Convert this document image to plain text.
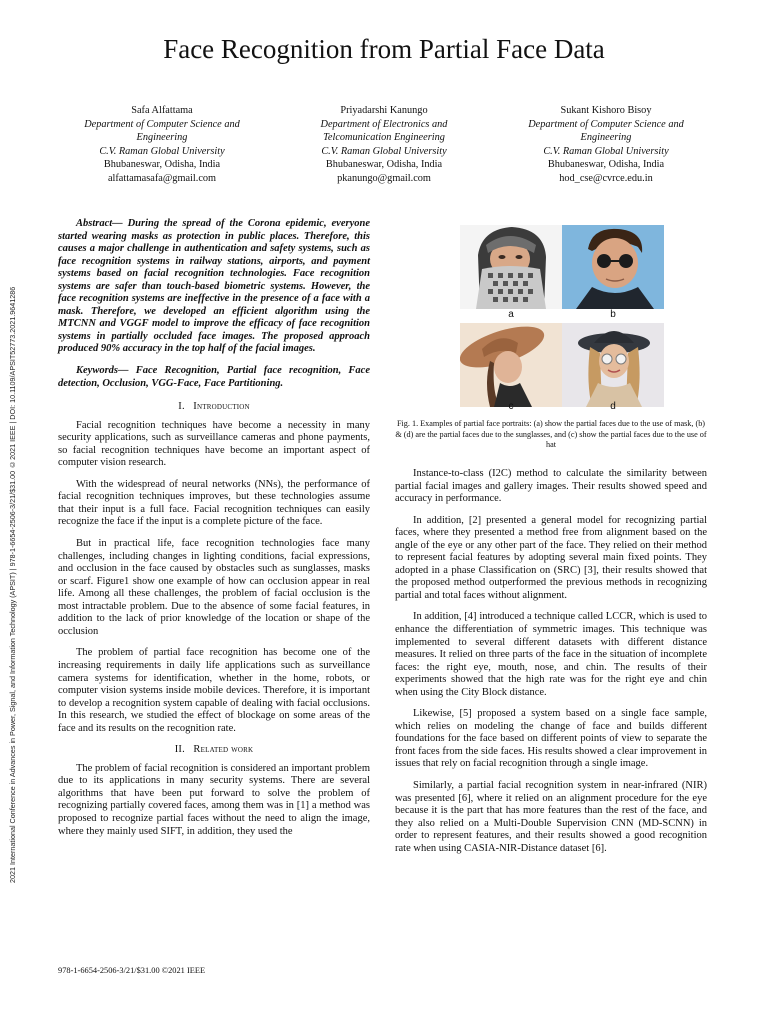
Face Recognition from Partial Face Data
2021 International Conference in Advances in Power, Signal, and Information Technology (APSIT) | 978-1-6654-2506-3/21/$31.00 ©2021 IEEE | DOI: 10.1109/APSIT52773.2021.9641286
Safa Alfattama
Department of Computer Science and
Engineering
C.V. Raman Global University
Bhubaneswar, Odisha, India
alfattamasafa@gmail.com
Priyadarshi Kanungo
Department of Electronics and
Telcomunication Engineering
C.V. Raman Global University
Bhubaneswar, Odisha, India
pkanungo@gmail.com
Sukant Kishoro Bisoy
Department of Computer Science and
Engineering
C.V. Raman Global University
Bhubaneswar, Odisha, India
hod_cse@cvrce.edu.in

Abstract— During the spread of the Corona epidemic, everyone started wearing masks as protection in public places. Therefore, this causes a major challenge in authentication and safety systems, such as face recognition systems in railway stations, airports, and payment systems based on facial recognition technologies. Face recognition systems are safer than touch-based biometric systems. However, the face recognition systems are ineffective in the presence of a face with a mask. Therefore, we developed an efficient algorithm using the MTCNN and VGGF model to improve the efficacy of face recognition systems in partially occluded face images. The proposed approach produced 90% accuracy in the top half of the facial images.

Keywords— Face Recognition, Partial face recognition, Face detection, Occlusion, VGG-Face, Face Partitioning.

I. Introduction

Facial recognition techniques have become a necessity in many security applications, such as surveillance cameras and phone payments, so facial recognition techniques have become an important aspect of computer vision research.

With the widespread of neural networks (NNs), the performance of facial recognition techniques improves, but these technologies assume that their input is a full face. Facial recognition techniques can easily recognize the face if the input is a complete picture of the face.

But in practical life, face recognition technologies face many challenges, including changes in lighting conditions, facial expressions, and occlusion in the face caused by obstacles such as sunglasses, masks or scarf. Figure1 show one example of how can occlusion appear in real life. Among all these challenges, the problem of facial occlusion is the most intractable problem. Due to the absence of some facial features, in addition to the lack of prior knowledge of the location or shape of the occlusion

The problem of partial face recognition has become one of the increasing requirements in daily life applications such as surveillance camera systems for identification, whether in the home, robots, or computer vision systems inside mobile devices. Therefore, it is important to develop a recognition system capable of dealing with facial occlusions. In this research, we studied the effect of blockage on some areas of the face and its results on the recognition rate.

II. Related work

The problem of facial recognition is considered an important problem due to its applications in many security systems. There are several algorithms that have been put forward to solve the problem of recognizing partially covered faces, among them was in [1] a method was proposed to recognize partial faces without the need to align the image, where they mainly used SIFT, in addition, they used the

a	b
c	d
Fig. 1. Examples of partial face portraits: (a) show the partial faces due to the use of mask, (b) & (d) are the partial faces due to the sunglasses, and (c) show the partial faces due to the use of hat

Instance-to-class (I2C) method to calculate the similarity between partial facial images and gallery images. Their results showed speed and accuracy in performance.

In addition, [2] presented a general model for recognizing partial faces, where they presented a method free from alignment based on the angle of the eye or any other part of the face. They relied on their method to represent facial features by adopting several main fixed points. They adopted in a phase Classification on (SRC) [3], their results showed that the proposed method outperformed the previous methods in recognizing partial and total faces without alignment.

In addition, [4] introduced a technique called LCCR, which is used to enhance the differentiation of symmetric images. This technique was implemented to several different datasets with different distance measures. It relied on three parts of the face in the situation of incomplete faces: the right eye, mouth, nose, and chin. The results of their experiments showed that the high rate was for the right eye and chin when using the City Block distance.

Likewise, [5] proposed a system based on a single face sample, which relies on modeling the change of face and builds different foundations for the face based on different points of view to separate the front faces from the side faces. His results showed a clear improvement in issues that rely on facial recognition through a single image.

Similarly, a partial facial recognition system in near-infrared (NIR) was presented [6], where it relied on an alignment procedure for the eye because it is the part that has more features than the rest of the face, and they also relied on a Multi-Double Supervision CNN (MD-SCNN) in order to represent features, and their results showed a good recognition rate when using CASIA-NIR-Distance dataset [6].

978-1-6654-2506-3/21/$31.00 ©2021 IEEE
